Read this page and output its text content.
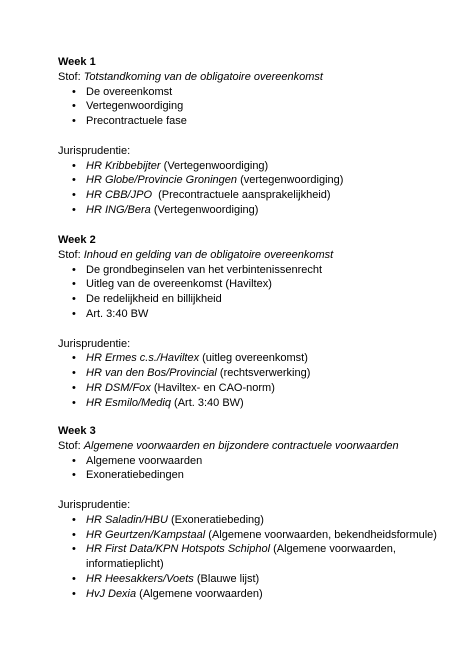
Week 1

Stof: Totstandkoming van de obligatoire overeenkomst

• De overeenkomst
• Vertegenwoordiging
• Precontractuele fase

Jurisprudentie:

• HR Kribbebijter (Vertegenwoordiging)
• HR Globe/Provincie Groningen (vertegenwoordiging)
• HR CBB/JPO  (Precontractuele aansprakelijkheid)
• HR ING/Bera (Vertegenwoordiging)

Week 2

Stof: Inhoud en gelding van de obligatoire overeenkomst

• De grondbeginselen van het verbintenissenrecht
• Uitleg van de overeenkomst (Haviltex)
• De redelijkheid en billijkheid
• Art. 3:40 BW

Jurisprudentie:

• HR Ermes c.s./Haviltex (uitleg overeenkomst)
• HR van den Bos/Provincial (rechtsverwerking)
• HR DSM/Fox (Haviltex- en CAO-norm)
• HR Esmilo/Mediq (Art. 3:40 BW)

Week 3

Stof: Algemene voorwaarden en bijzondere contractuele voorwaarden

• Algemene voorwaarden
• Exoneratiebedingen

Jurisprudentie:

• HR Saladin/HBU (Exoneratiebeding)
• HR Geurtzen/Kampstaal (Algemene voorwaarden, bekendheidsformule)
• HR First Data/KPN Hotspots Schiphol (Algemene voorwaarden, informatieplicht)
• HR Heesakkers/Voets (Blauwe lijst)
• HvJ Dexia (Algemene voorwaarden)
